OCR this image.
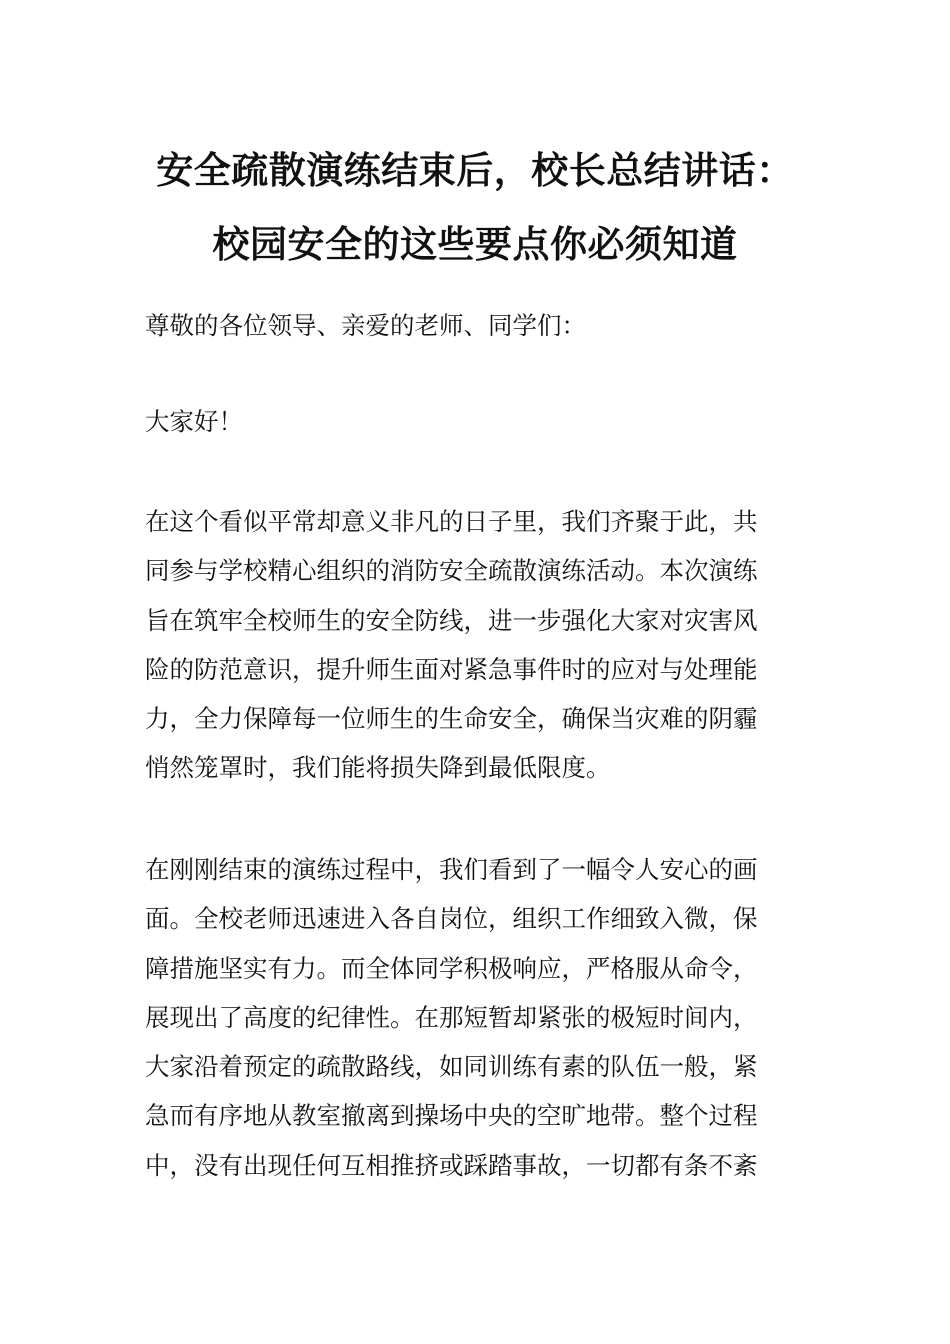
安全疏散演练结束后，校长总结讲话：
校园安全的这些要点你必须知道
尊敬的各位领导、亲爱的老师、同学们：
大家好！
在这个看似平常却意义非凡的日子里，我们齐聚于此，共
同参与学校精心组织的消防安全疏散演练活动。本次演练
旨在筑牢全校师生的安全防线，进一步强化大家对灾害风
险的防范意识，提升师生面对紧急事件时的应对与处理能
力，全力保障每一位师生的生命安全，确保当灾难的阴霾
悄然笼罩时，我们能将损失降到最低限度。
在刚刚结束的演练过程中，我们看到了一幅令人安心的画
面。全校老师迅速进入各自岗位，组织工作细致入微，保
障措施坚实有力。而全体同学积极响应，严格服从命令，
展现出了高度的纪律性。在那短暂却紧张的极短时间内，
大家沿着预定的疏散路线，如同训练有素的队伍一般，紧
急而有序地从教室撤离到操场中央的空旷地带。整个过程
中，没有出现任何互相推挤或踩踏事故，一切都有条不紊
